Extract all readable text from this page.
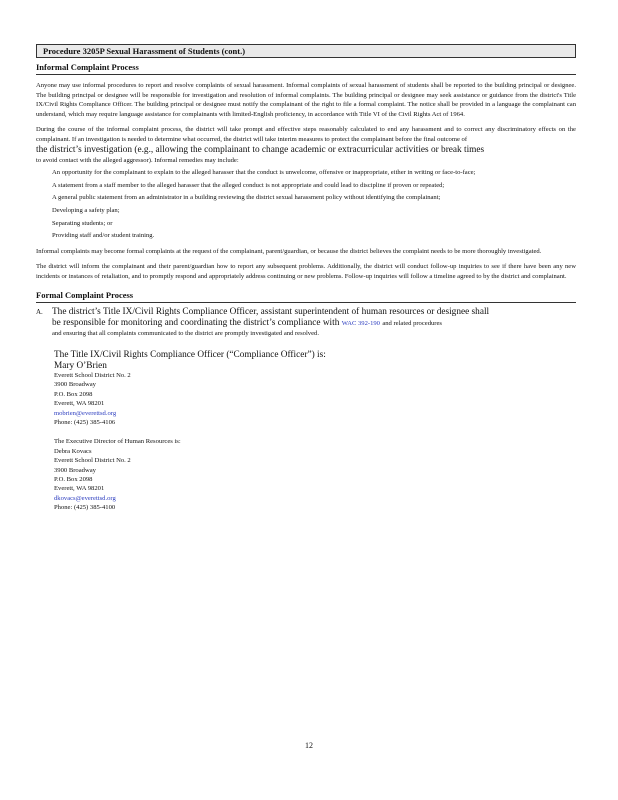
Procedure 3205P Sexual Harassment of Students (cont.)
Informal Complaint Process

Anyone may use informal procedures to report and resolve complaints of sexual harassment. Informal complaints of sexual harassment of students shall be reported to the building principal or designee. The building principal or designee will be responsible for investigation and resolution of informal complaints. The building principal or designee may seek assistance or guidance from the district's Title IX/Civil Rights Compliance Officer. The building principal or designee must notify the complainant of the right to file a formal complaint. The notice shall be provided in a language the complainant can understand, which may require language assistance for complainants with limited-English proficiency, in accordance with Title VI of the Civil Rights Act of 1964.

During the course of the informal complaint process, the district will take prompt and effective steps reasonably calculated to end any harassment and to correct any discriminatory effects on the complainant. If an investigation is needed to determine what occurred, the district will take interim measures to protect the complainant before the final outcome of

the district’s investigation (e.g., allowing the complainant to change academic or extracurricular activities or break times

to avoid contact with the alleged aggressor). Informal remedies may include:

An opportunity for the complainant to explain to the alleged harasser that the conduct is unwelcome, offensive or inappropriate, either in writing or face-to-face;
A statement from a staff member to the alleged harasser that the alleged conduct is not appropriate and could lead to discipline if proven or repeated;
A general public statement from an administrator in a building reviewing the district sexual harassment policy without identifying the complainant;
Developing a safety plan;
Separating students; or
Providing staff and/or student training.

Informal complaints may become formal complaints at the request of the complainant, parent/guardian, or because the district believes the complaint needs to be more thoroughly investigated.

The district will inform the complainant and their parent/guardian how to report any subsequent problems. Additionally, the district will conduct follow-up inquiries to see if there have been any new incidents or instances of retaliation, and to promptly respond and appropriately address continuing or new problems. Follow-up inquiries will follow a timeline agreed to by the district and complainant.

Formal Complaint Process
A. The district’s Title IX/Civil Rights Compliance Officer, assistant superintendent of human resources or designee shall

be responsible for monitoring and coordinating the district’s compliance with WAC 392-190 and related procedures

and ensuring that all complaints communicated to the district are promptly investigated and resolved.

The Title IX/Civil Rights Compliance Officer (“Compliance Officer”) is:
Mary O’Brien
Everett School District No. 2
3900 Broadway
P.O. Box 2098
Everett, WA 98201
mobrien@everettsd.org
Phone: (425) 385-4106
The Executive Director of Human Resources is:
Debra Kovacs
Everett School District No. 2
3900 Broadway
P.O. Box 2098
Everett, WA 98201
dkovacs@everettsd.org
Phone: (425) 385-4100
12
